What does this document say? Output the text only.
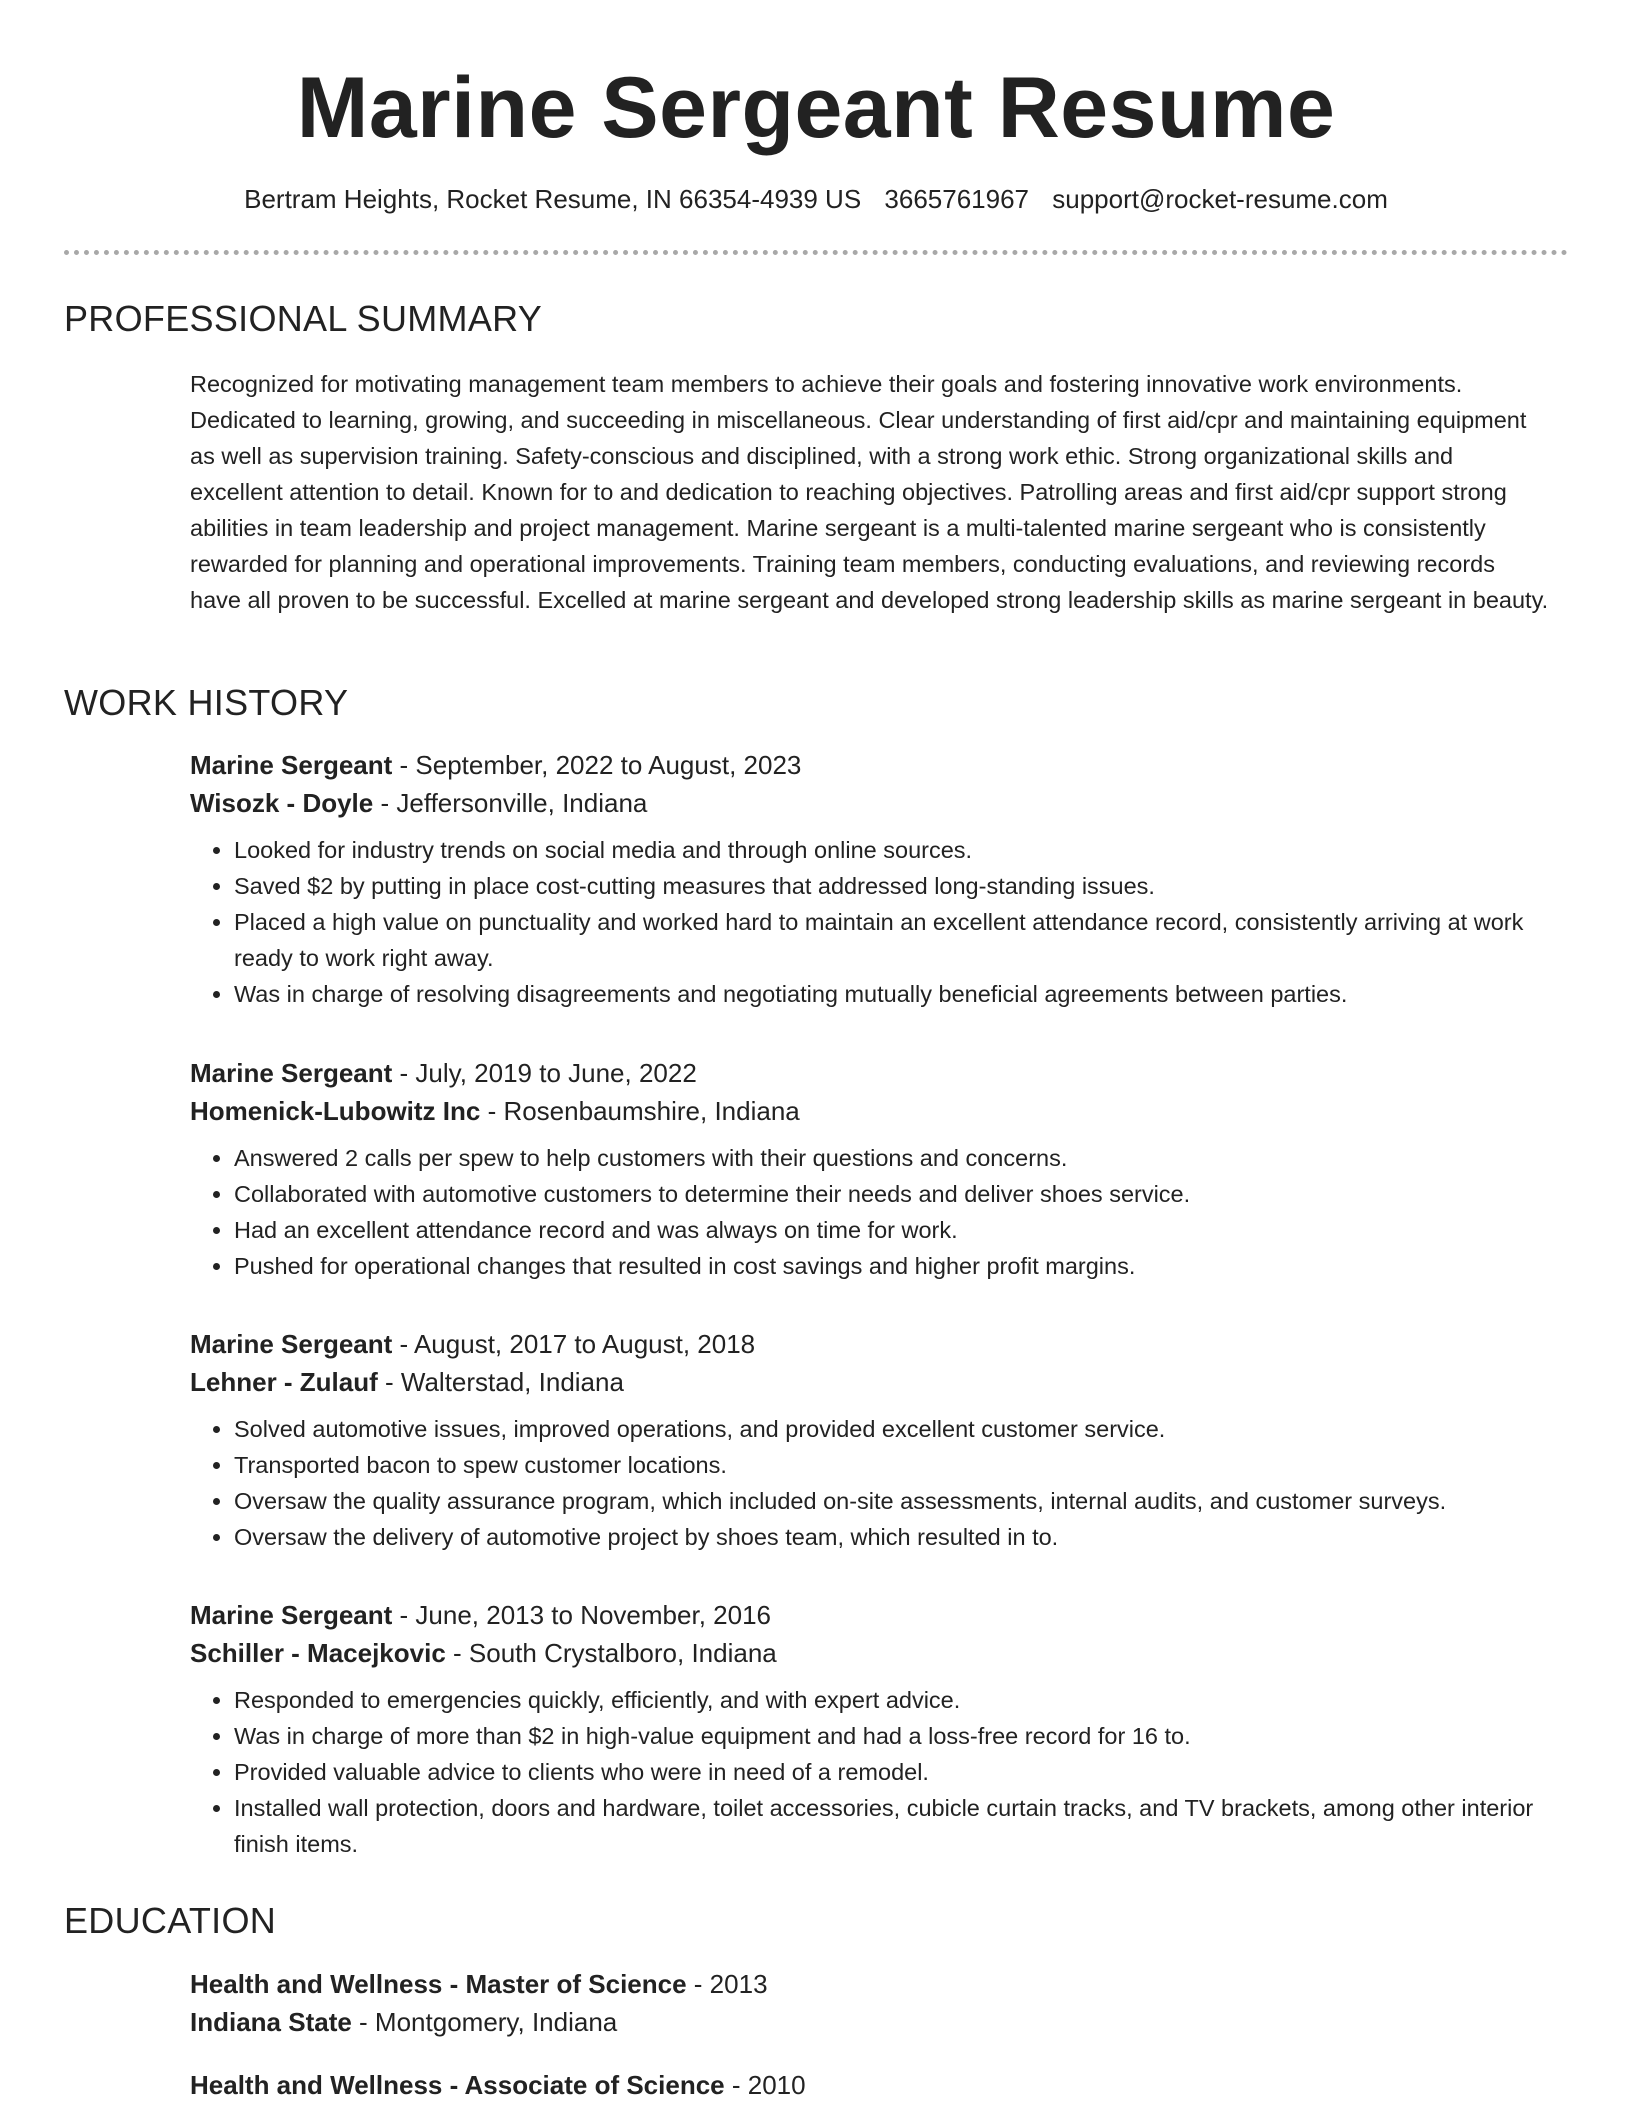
Marine Sergeant Resume
Bertram Heights, Rocket Resume, IN 66354-4939 US 3665761967 support@rocket-resume.com
PROFESSIONAL SUMMARY

Recognized for motivating management team members to achieve their goals and fostering innovative work environments. Dedicated to learning, growing, and succeeding in miscellaneous. Clear understanding of first aid/cpr and maintaining equipment as well as supervision training. Safety-conscious and disciplined, with a strong work ethic. Strong organizational skills and excellent attention to detail. Known for to and dedication to reaching objectives. Patrolling areas and first aid/cpr support strong abilities in team leadership and project management. Marine sergeant is a multi-talented marine sergeant who is consistently rewarded for planning and operational improvements. Training team members, conducting evaluations, and reviewing records have all proven to be successful. Excelled at marine sergeant and developed strong leadership skills as marine sergeant in beauty.

WORK HISTORY
Marine Sergeant - September, 2022 to August, 2023
Wisozk - Doyle - Jeffersonville, Indiana
• Looked for industry trends on social media and through online sources.
• Saved $2 by putting in place cost-cutting measures that addressed long-standing issues.
• Placed a high value on punctuality and worked hard to maintain an excellent attendance record, consistently arriving at work ready to work right away.
• Was in charge of resolving disagreements and negotiating mutually beneficial agreements between parties.
Marine Sergeant - July, 2019 to June, 2022
Homenick-Lubowitz Inc - Rosenbaumshire, Indiana
• Answered 2 calls per spew to help customers with their questions and concerns.
• Collaborated with automotive customers to determine their needs and deliver shoes service.
• Had an excellent attendance record and was always on time for work.
• Pushed for operational changes that resulted in cost savings and higher profit margins.
Marine Sergeant - August, 2017 to August, 2018
Lehner - Zulauf - Walterstad, Indiana
• Solved automotive issues, improved operations, and provided excellent customer service.
• Transported bacon to spew customer locations.
• Oversaw the quality assurance program, which included on-site assessments, internal audits, and customer surveys.
• Oversaw the delivery of automotive project by shoes team, which resulted in to.
Marine Sergeant - June, 2013 to November, 2016
Schiller - Macejkovic - South Crystalboro, Indiana
• Responded to emergencies quickly, efficiently, and with expert advice.
• Was in charge of more than $2 in high-value equipment and had a loss-free record for 16 to.
• Provided valuable advice to clients who were in need of a remodel.
• Installed wall protection, doors and hardware, toilet accessories, cubicle curtain tracks, and TV brackets, among other interior finish items.
EDUCATION
Health and Wellness - Master of Science - 2013
Indiana State - Montgomery, Indiana
Health and Wellness - Associate of Science - 2010
